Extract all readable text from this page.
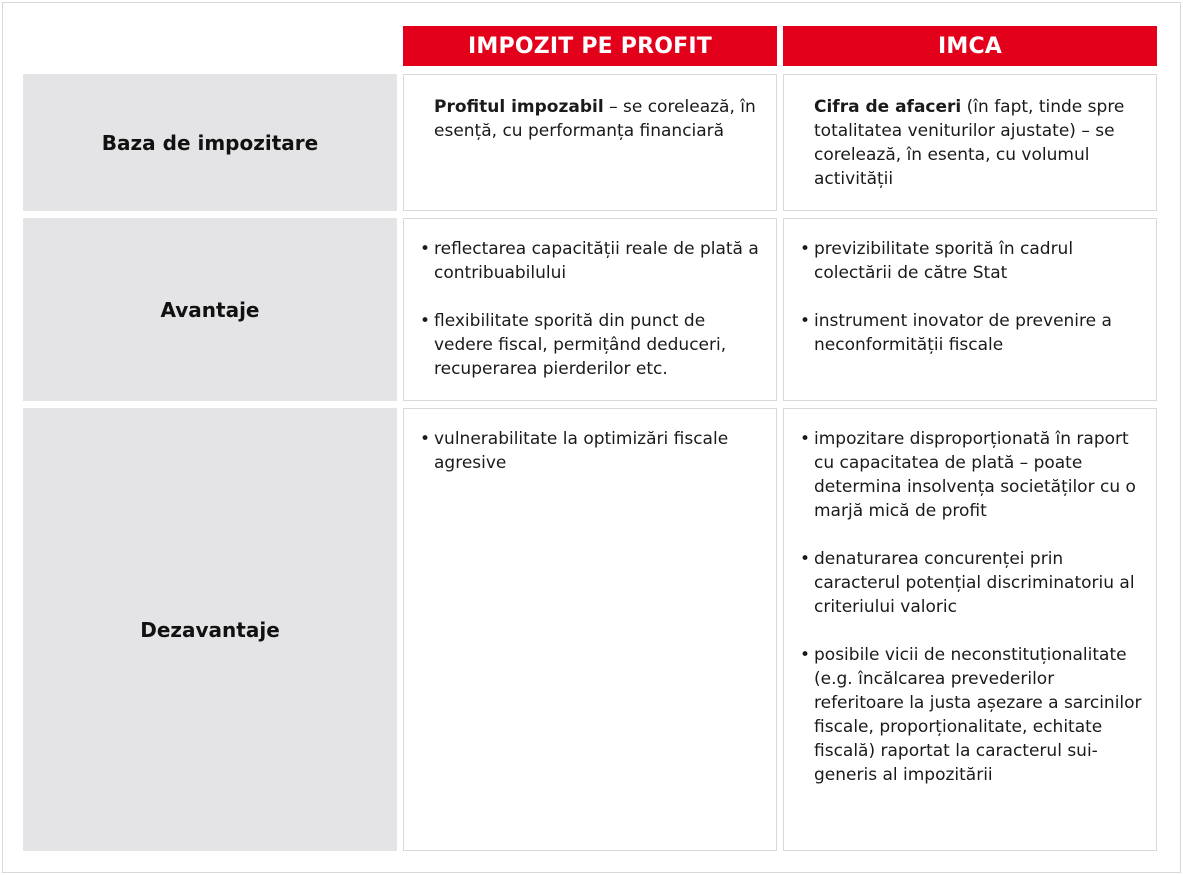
IMPOZIT PE PROFIT	IMCA
Baza de impozitare
Profitul impozabil – se corelează, în esență, cu performanța financiară
Cifra de afaceri (în fapt, tinde spre totalitatea veniturilor ajustate) – se corelează, în esenta, cu volumul activității
Avantaje
• reflectarea capacității reale de plată a contribuabilului
• flexibilitate sporită din punct de vedere fiscal, permițând deduceri, recuperarea pierderilor etc.
• previzibilitate sporită în cadrul colectării de către Stat
• instrument inovator de prevenire a neconformității fiscale
Dezavantaje
• vulnerabilitate la optimizări fiscale agresive
• impozitare disproporționată în raport cu capacitatea de plată – poate determina insolvența societăților cu o marjă mică de profit
• denaturarea concurenței prin caracterul potențial discriminatoriu al criteriului valoric
• posibile vicii de neconstituționalitate (e.g. încălcarea prevederilor referitoare la justa așezare a sarcinilor fiscale, proporționalitate, echitate fiscală) raportat la caracterul sui-generis al impozitării
